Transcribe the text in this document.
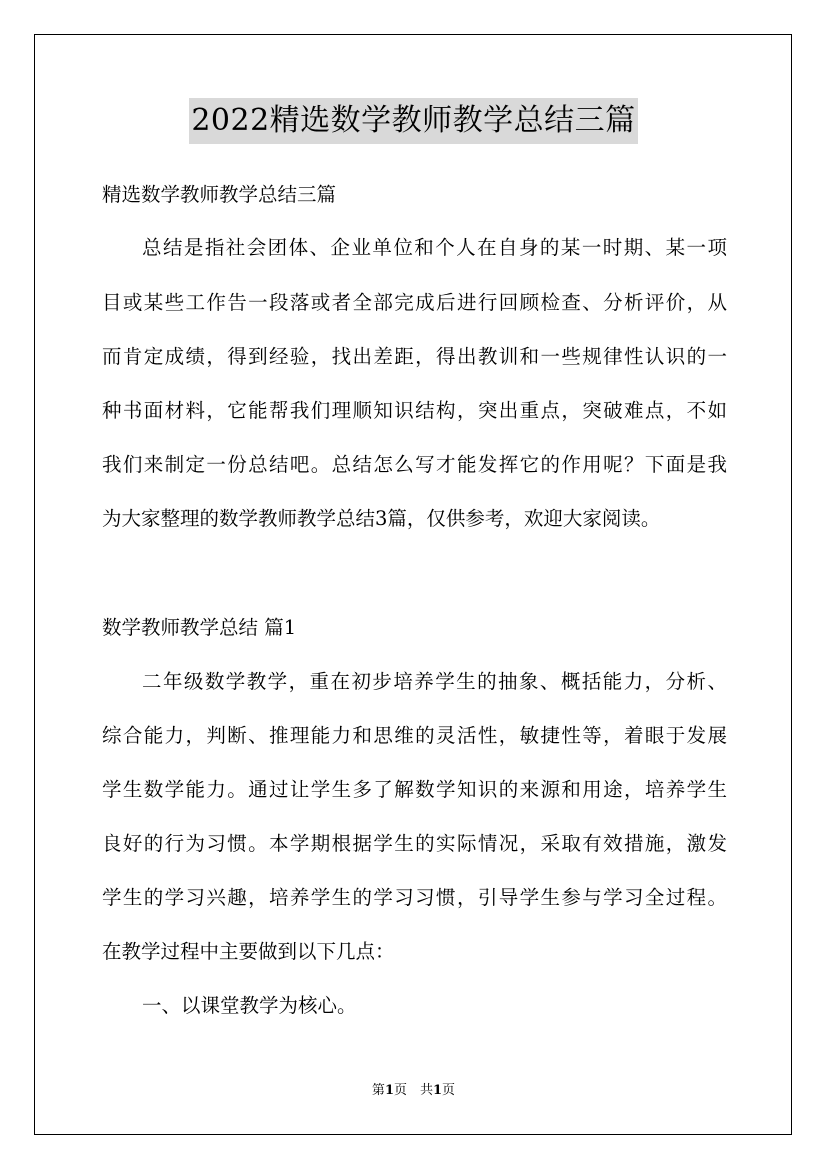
2022精选数学教师教学总结三篇
精选数学教师教学总结三篇
总结是指社会团体、企业单位和个人在自身的某一时期、某一项
目或某些工作告一段落或者全部完成后进行回顾检查、分析评价，从
而肯定成绩，得到经验，找出差距，得出教训和一些规律性认识的一
种书面材料，它能帮我们理顺知识结构，突出重点，突破难点，不如
我们来制定一份总结吧。总结怎么写才能发挥它的作用呢？下面是我
为大家整理的数学教师教学总结3篇，仅供参考，欢迎大家阅读。
数学教师教学总结 篇1
二年级数学教学，重在初步培养学生的抽象、概括能力，分析、
综合能力，判断、推理能力和思维的灵活性，敏捷性等，着眼于发展
学生数学能力。通过让学生多了解数学知识的来源和用途，培养学生
良好的行为习惯。本学期根据学生的实际情况，采取有效措施，激发
学生的学习兴趣，培养学生的学习习惯，引导学生参与学习全过程。
在教学过程中主要做到以下几点：
一、以课堂教学为核心。
第1页　共1页
